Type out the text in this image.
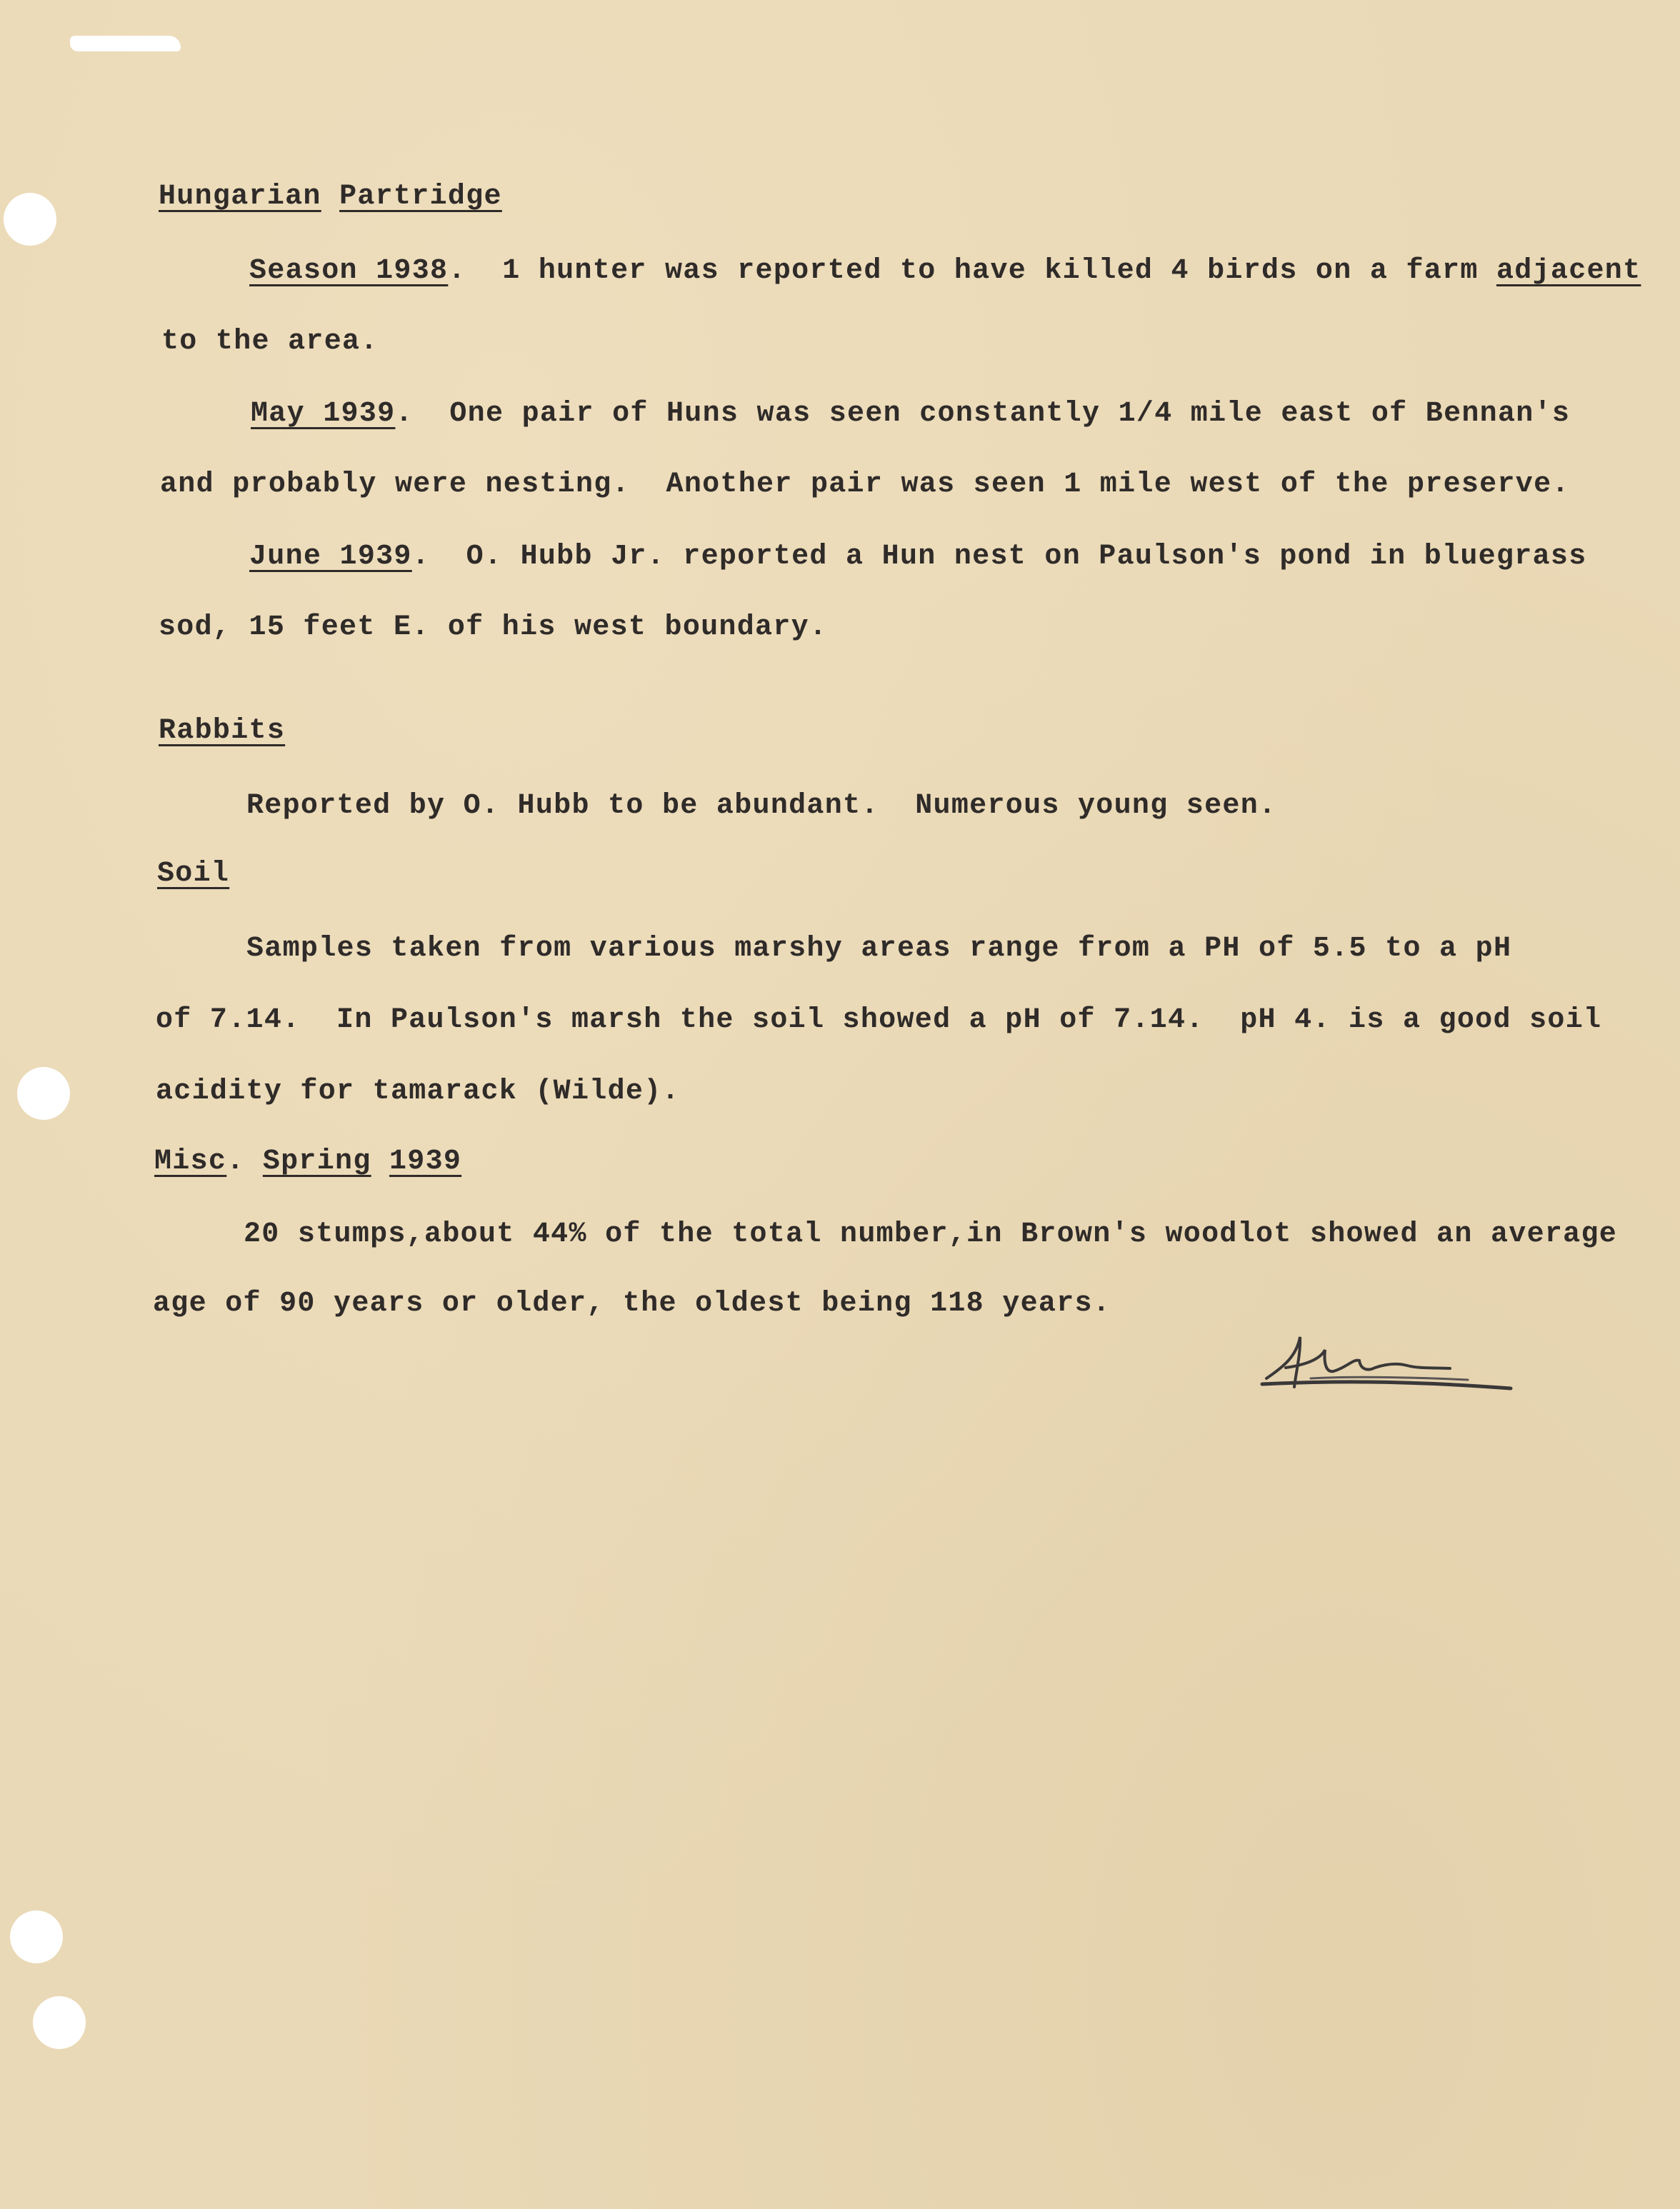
Hungarian Partridge
Season 1938.  1 hunter was reported to have killed 4 birds on a farm adjacent
to the area.
May 1939.  One pair of Huns was seen constantly 1/4 mile east of Bennan's
and probably were nesting.  Another pair was seen 1 mile west of the preserve.
June 1939.  O. Hubb Jr. reported a Hun nest on Paulson's pond in bluegrass
sod, 15 feet E. of his west boundary.
Rabbits
Reported by O. Hubb to be abundant.  Numerous young seen.
Soil
Samples taken from various marshy areas range from a PH of 5.5 to a pH
of 7.14.  In Paulson's marsh the soil showed a pH of 7.14.  pH 4. is a good soil
acidity for tamarack (Wilde).
Misc. Spring 1939
20 stumps,about 44% of the total number,in Brown's woodlot showed an average
age of 90 years or older, the oldest being 118 years.
